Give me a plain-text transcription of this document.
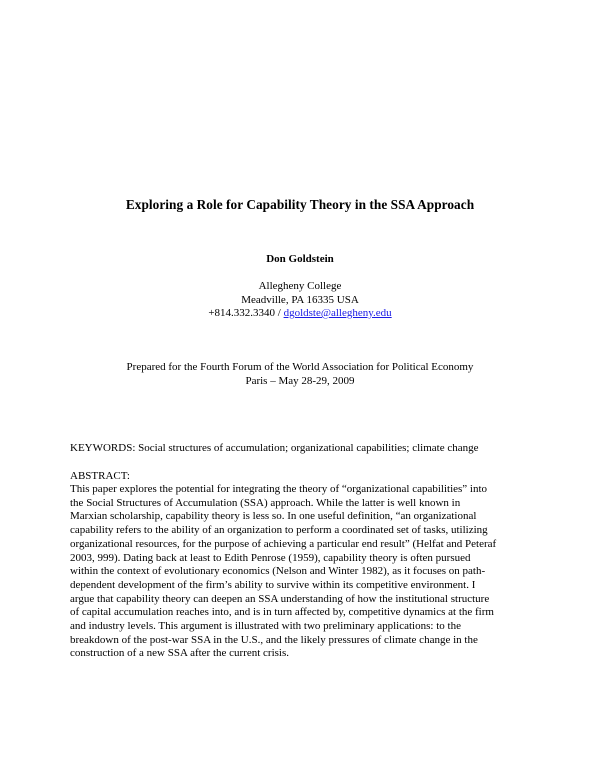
Exploring a Role for Capability Theory in the SSA Approach
Don Goldstein
Allegheny College
Meadville, PA 16335 USA
+814.332.3340 / dgoldste@allegheny.edu
Prepared for the Fourth Forum of the World Association for Political Economy
Paris – May 28-29, 2009
KEYWORDS: Social structures of accumulation; organizational capabilities; climate change
ABSTRACT:
This paper explores the potential for integrating the theory of “organizational capabilities” into
the Social Structures of Accumulation (SSA) approach. While the latter is well known in
Marxian scholarship, capability theory is less so. In one useful definition, “an organizational
capability refers to the ability of an organization to perform a coordinated set of tasks, utilizing
organizational resources, for the purpose of achieving a particular end result” (Helfat and Peteraf
2003, 999). Dating back at least to Edith Penrose (1959), capability theory is often pursued
within the context of evolutionary economics (Nelson and Winter 1982), as it focuses on path-
dependent development of the firm’s ability to survive within its competitive environment. I
argue that capability theory can deepen an SSA understanding of how the institutional structure
of capital accumulation reaches into, and is in turn affected by, competitive dynamics at the firm
and industry levels. This argument is illustrated with two preliminary applications: to the
breakdown of the post-war SSA in the U.S., and the likely pressures of climate change in the
construction of a new SSA after the current crisis.
